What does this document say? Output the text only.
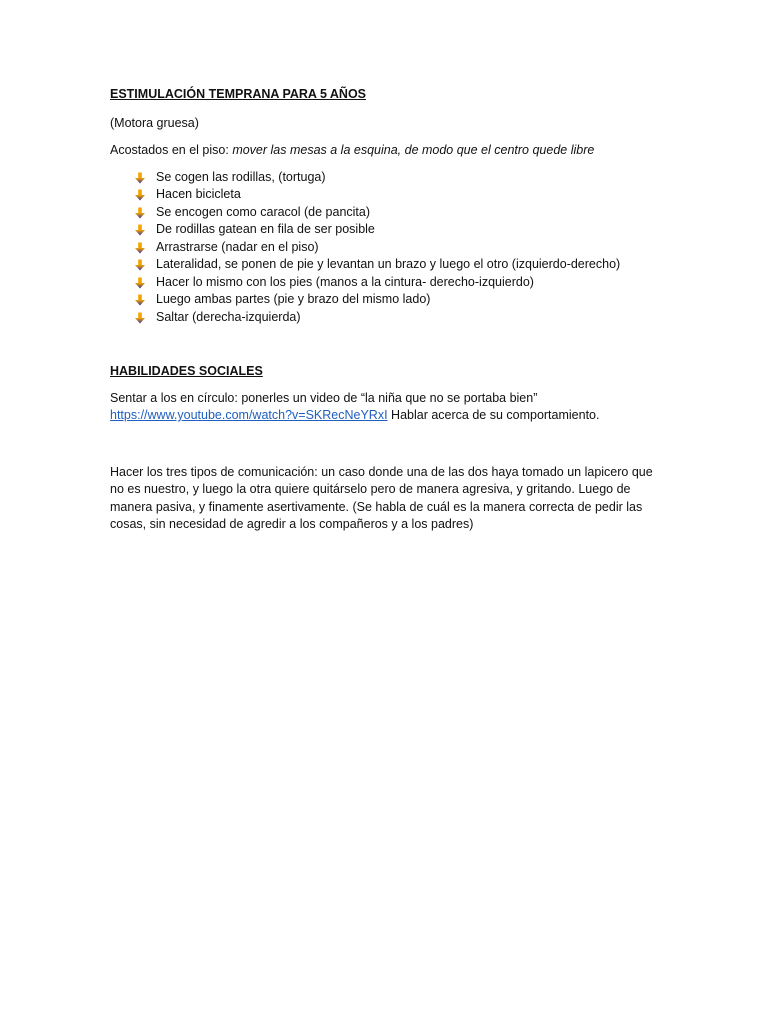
ESTIMULACIÓN TEMPRANA PARA 5 AÑOS

(Motora gruesa)

Acostados en el piso: mover las mesas a la esquina, de modo que el centro quede libre

Se cogen las rodillas, (tortuga)
Hacen bicicleta
Se encogen como caracol (de pancita)
De rodillas gatean en fila de ser posible
Arrastrarse (nadar en el piso)
Lateralidad, se ponen de pie y levantan un brazo y luego el otro (izquierdo-derecho)
Hacer lo mismo con los pies (manos a la cintura- derecho-izquierdo)
Luego ambas partes (pie y brazo del mismo lado)
Saltar (derecha-izquierda)

HABILIDADES SOCIALES

Sentar a los en círculo: ponerles un video de “la niña que no se portaba bien”
https://www.youtube.com/watch?v=SKRecNeYRxI Hablar acerca de su comportamiento.

Hacer los tres tipos de comunicación: un caso donde una de las dos haya tomado un lapicero que no es nuestro, y luego la otra quiere quitárselo pero de manera agresiva, y gritando. Luego de manera pasiva, y finamente asertivamente. (Se habla de cuál es la manera correcta de pedir las cosas, sin necesidad de agredir a los compañeros y a los padres)
